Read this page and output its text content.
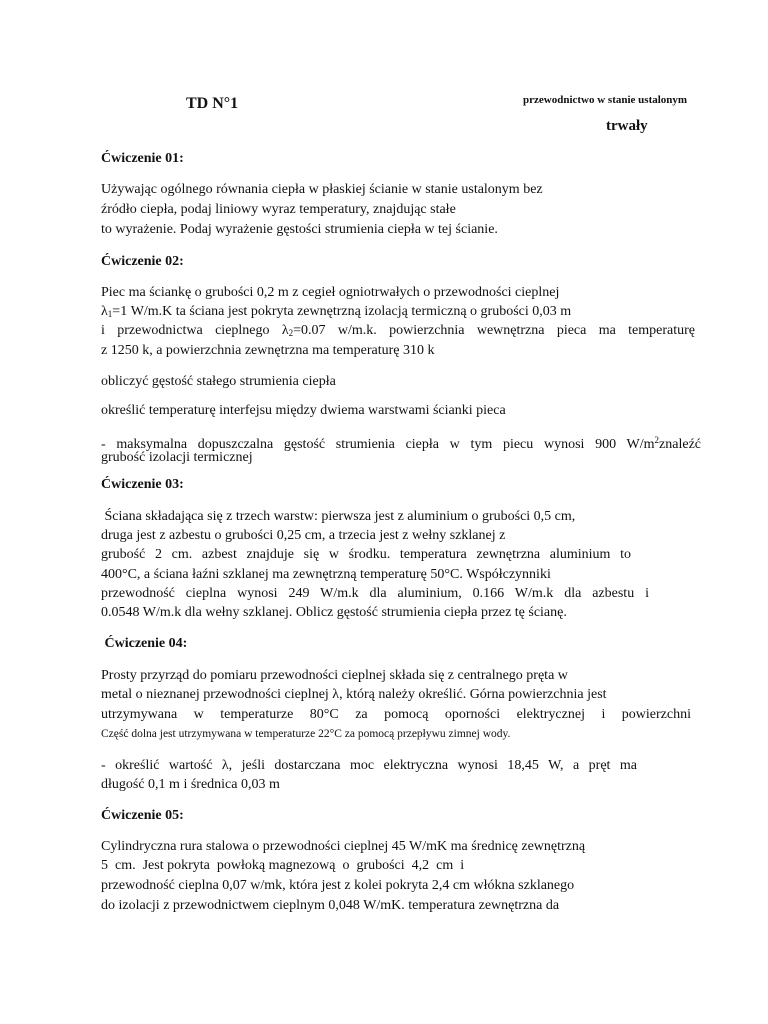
TD N°1	przewodnictwo w stanie ustalonym
trwały
Ćwiczenie 01:
Używając ogólnego równania ciepła w płaskiej ścianie w stanie ustalonym bez
źródło ciepła, podaj liniowy wyraz temperatury, znajdując stałe
to wyrażenie. Podaj wyrażenie gęstości strumienia ciepła w tej ścianie.
Ćwiczenie 02:
Piec ma ściankę o grubości 0,2 m z cegieł ogniotrwałych o przewodności cieplnej
$\lambda_1=1$ W/m.K ta ściana jest pokryta zewnętrzną izolacją termiczną o grubości 0,03 m
i przewodnictwa cieplnego $\lambda_2=0.07$ w/m.k. powierzchnia wewnętrzna pieca ma temperaturę
z 1250 k, a powierzchnia zewnętrzna ma temperaturę 310 k
obliczyć gęstość stałego strumienia ciepła
określić temperaturę interfejsu między dwiema warstwami ścianki pieca
- maksymalna dopuszczalna gęstość strumienia ciepła w tym piecu wynosi 900 $W/m^2znaleźć$
grubość izolacji termicznej
Ćwiczenie 03:
Ściana składająca się z trzech warstw: pierwsza jest z aluminium o grubości 0,5 cm,
druga jest z azbestu o grubości 0,25 cm, a trzecia jest z wełny szklanej z
grubość 2 cm. azbest znajduje się w środku. temperatura zewnętrzna aluminium to
400°C, a ściana łaźni szklanej ma zewnętrzną temperaturę 50°C. Współczynniki
przewodność cieplna wynosi 249 W/m.k dla aluminium, 0.166 W/m.k dla azbestu i
0.0548 W/m.k dla wełny szklanej. Oblicz gęstość strumienia ciepła przez tę ścianę.
Ćwiczenie 04:
Prosty przyrząd do pomiaru przewodności cieplnej składa się z centralnego pręta w
metal o nieznanej przewodności cieplnej λ, którą należy określić. Górna powierzchnia jest
utrzymywana w temperaturze 80°C za pomocą oporności elektrycznej i powierzchni
Część dolna jest utrzymywana w temperaturze 22°C za pomocą przepływu zimnej wody.
- określić wartość λ, jeśli dostarczana moc elektryczna wynosi 18,45 W, a pręt ma
długość 0,1 m i średnica 0,03 m
Ćwiczenie 05:
Cylindryczna rura stalowa o przewodności cieplnej 45 W/mK ma średnicę zewnętrzną
5  cm.  Jest pokryta  powłoką magnezową  o  grubości  4,2  cm  i
przewodność cieplna 0,07 w/mk, która jest z kolei pokryta 2,4 cm włókna szklanego
do izolacji z przewodnictwem cieplnym 0,048 W/mK. temperatura zewnętrzna da
